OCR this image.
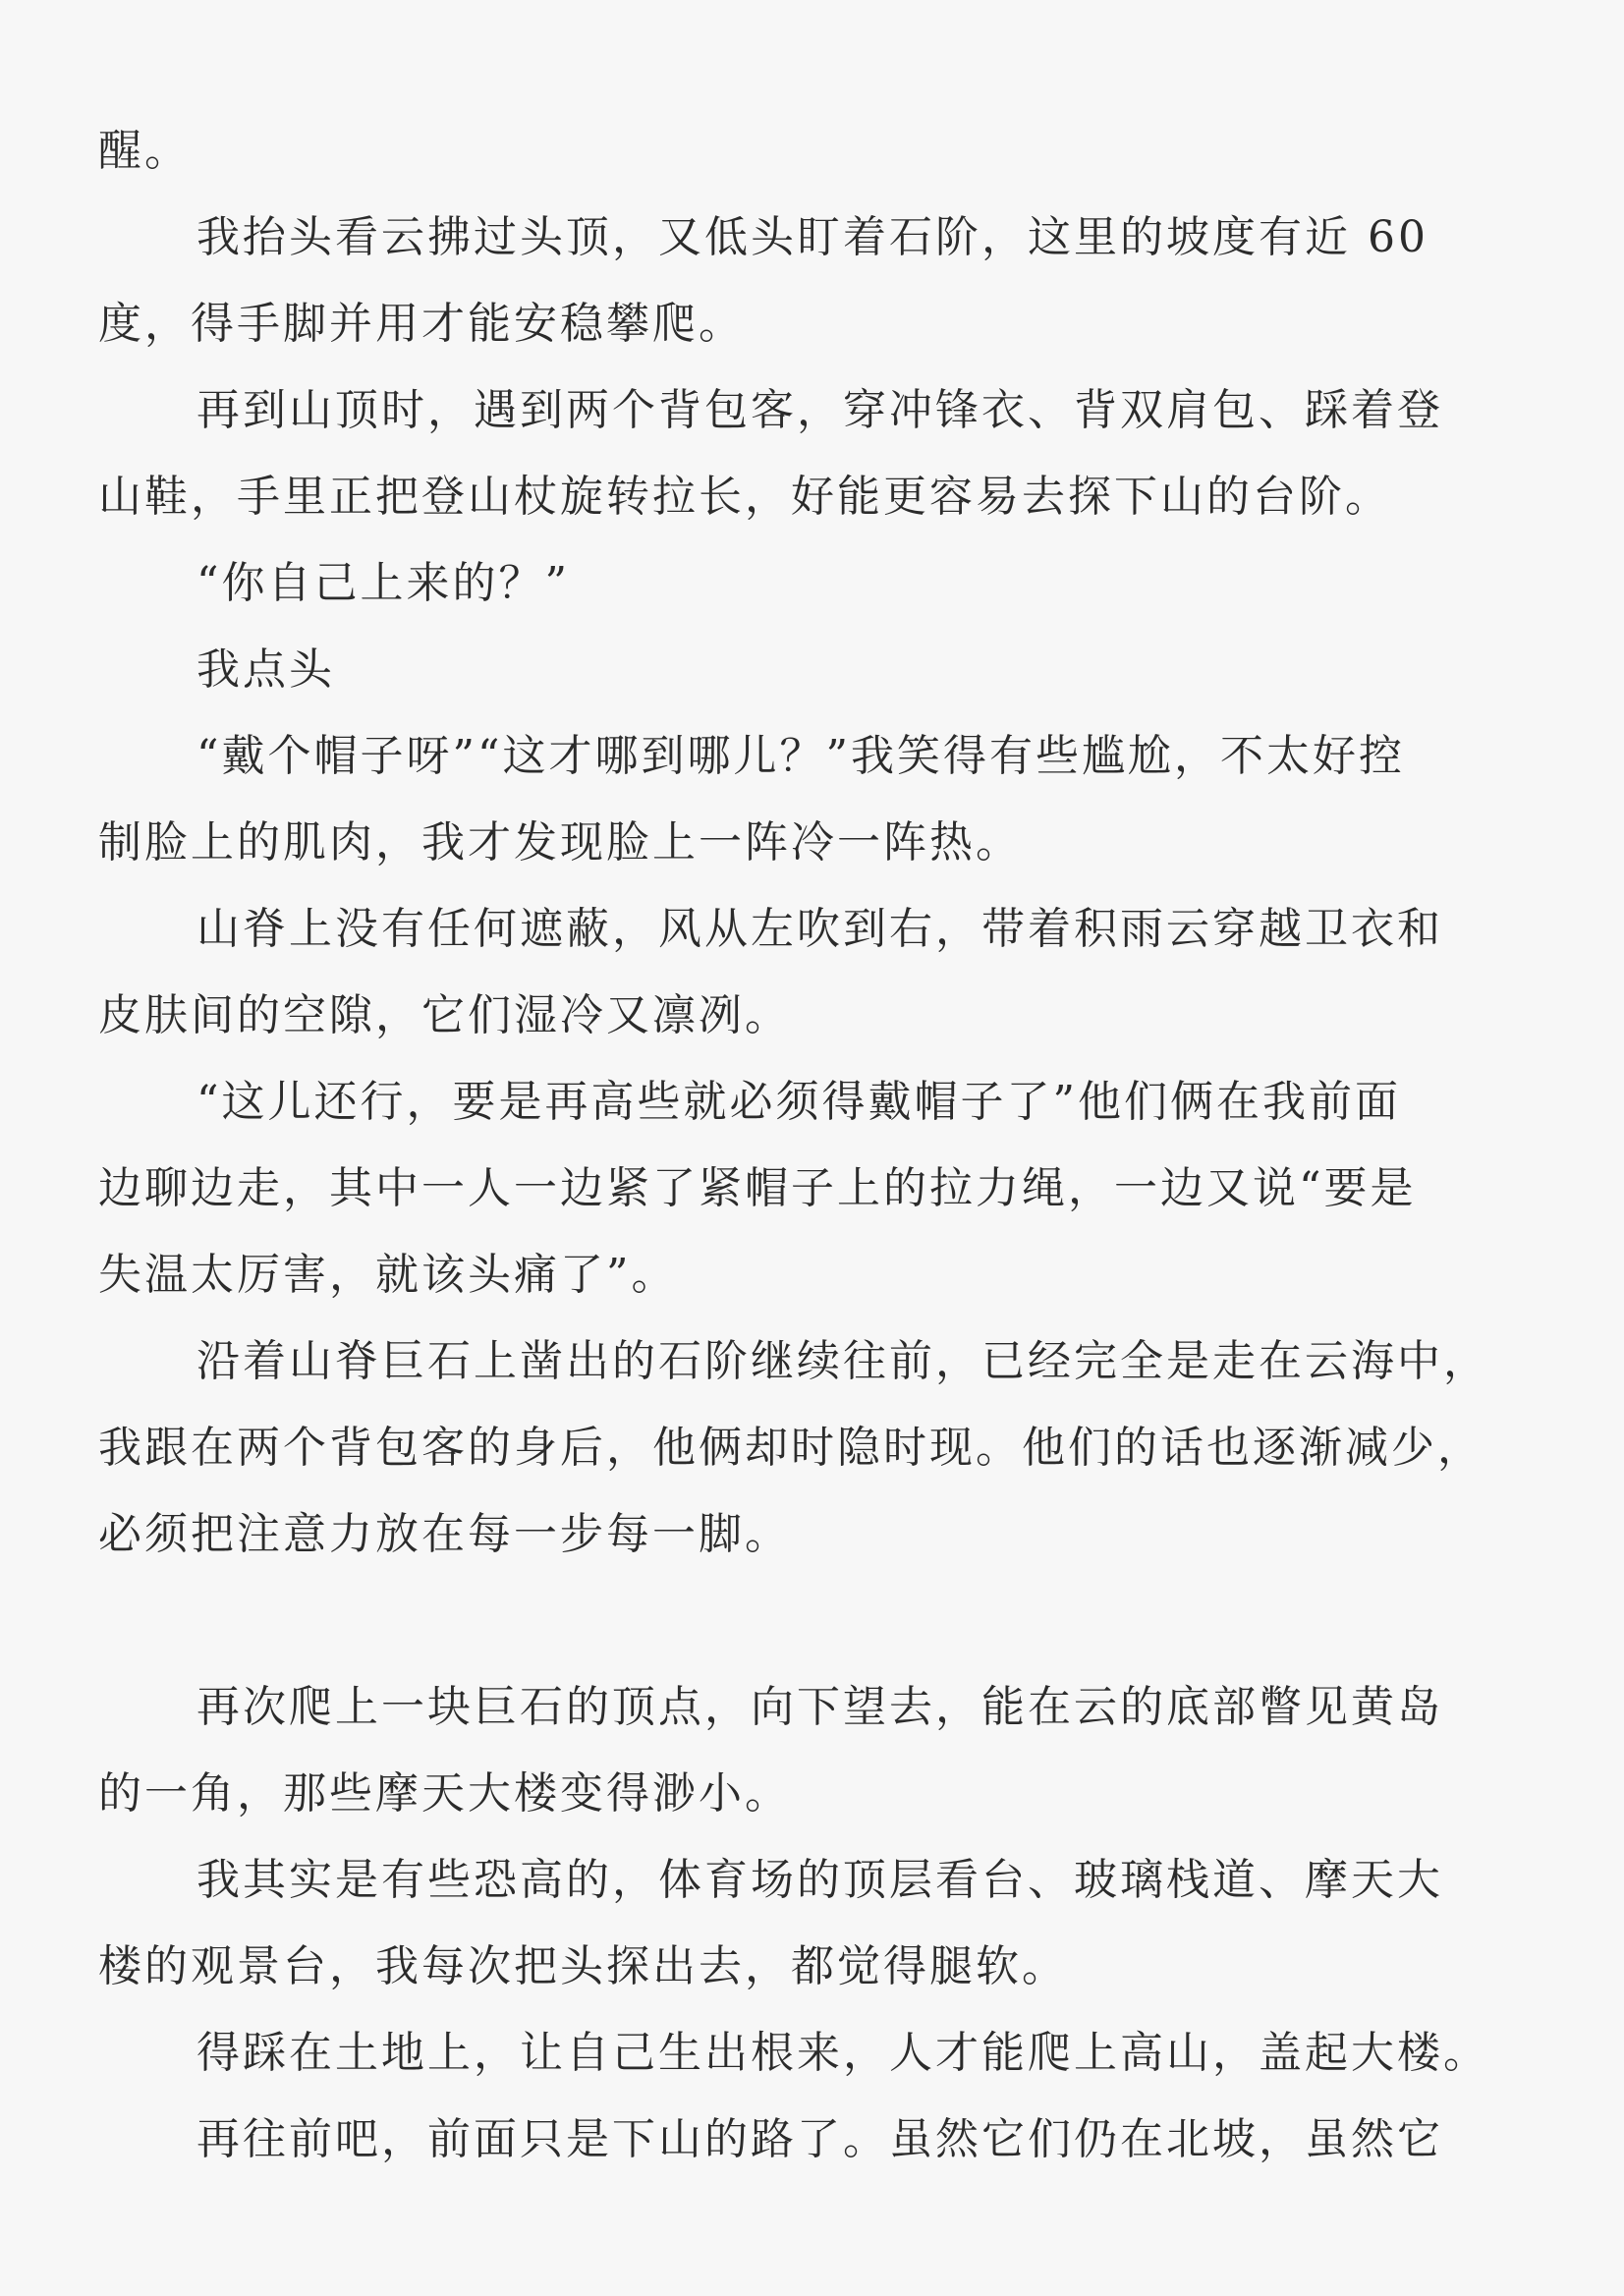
醒。
我抬头看云拂过头顶，又低头盯着石阶，这里的坡度有近 60
度，得手脚并用才能安稳攀爬。
再到山顶时，遇到两个背包客，穿冲锋衣、背双肩包、踩着登
山鞋，手里正把登山杖旋转拉长，好能更容易去探下山的台阶。
“你自己上来的？”
我点头
“戴个帽子呀”“这才哪到哪儿？”我笑得有些尴尬，不太好控
制脸上的肌肉，我才发现脸上一阵冷一阵热。
山脊上没有任何遮蔽，风从左吹到右，带着积雨云穿越卫衣和
皮肤间的空隙，它们湿冷又凛冽。
“这儿还行，要是再高些就必须得戴帽子了”他们俩在我前面
边聊边走，其中一人一边紧了紧帽子上的拉力绳，一边又说“要是
失温太厉害，就该头痛了”。
沿着山脊巨石上凿出的石阶继续往前，已经完全是走在云海中，
我跟在两个背包客的身后，他俩却时隐时现。他们的话也逐渐减少，
必须把注意力放在每一步每一脚。
再次爬上一块巨石的顶点，向下望去，能在云的底部瞥见黄岛
的一角，那些摩天大楼变得渺小。
我其实是有些恐高的，体育场的顶层看台、玻璃栈道、摩天大
楼的观景台，我每次把头探出去，都觉得腿软。
得踩在土地上，让自己生出根来，人才能爬上高山，盖起大楼。
再往前吧，前面只是下山的路了。虽然它们仍在北坡，虽然它
